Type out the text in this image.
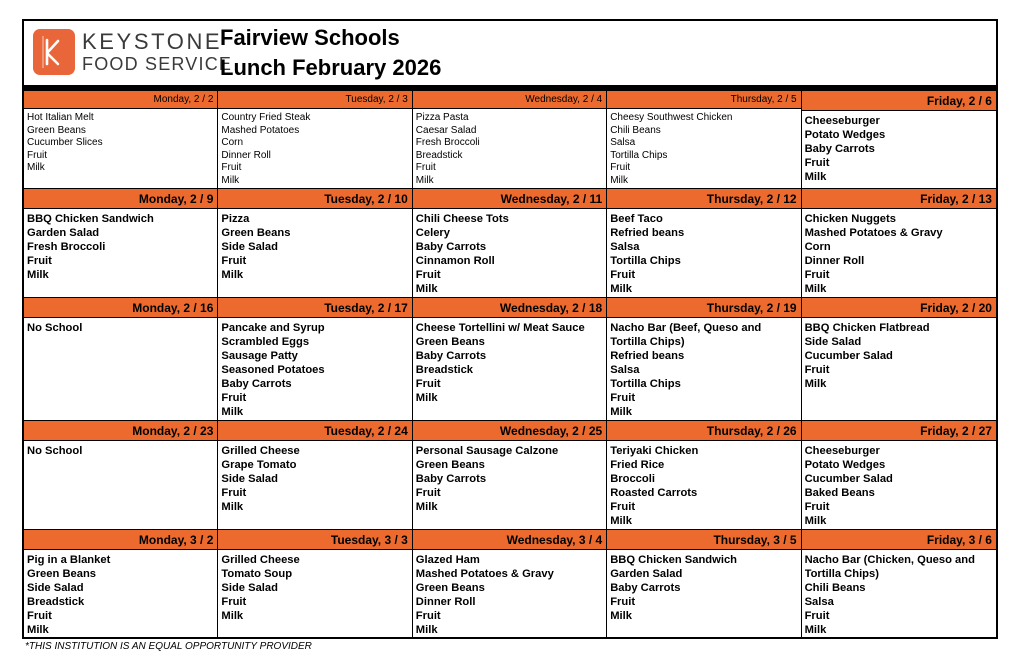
KEYSTONE
FOOD SERVICE
Fairview Schools
Lunch February 2026
Monday, 2 / 2
Hot Italian Melt
Green Beans
Cucumber Slices
Fruit
Milk
Tuesday, 2 / 3
Country Fried Steak
Mashed Potatoes
Corn
Dinner Roll
Fruit
Milk
Wednesday, 2 / 4
Pizza Pasta
Caesar Salad
Fresh Broccoli
Breadstick
Fruit
Milk
Thursday, 2 / 5
Cheesy Southwest Chicken
Chili Beans
Salsa
Tortilla Chips
Fruit
Milk
Friday, 2 / 6
Cheeseburger
Potato Wedges
Baby Carrots
Fruit
Milk
Monday, 2 / 9
BBQ Chicken Sandwich
Garden Salad
Fresh Broccoli
Fruit
Milk
Tuesday, 2 / 10
Pizza
Green Beans
Side Salad
Fruit
Milk
Wednesday, 2 / 11
Chili Cheese Tots
Celery
Baby Carrots
Cinnamon Roll
Fruit
Milk
Thursday, 2 / 12
Beef Taco
Refried beans
Salsa
Tortilla Chips
Fruit
Milk
Friday, 2 / 13
Chicken Nuggets
Mashed Potatoes & Gravy
Corn
Dinner Roll
Fruit
Milk
Monday, 2 / 16
No School
Tuesday, 2 / 17
Pancake and Syrup
Scrambled Eggs
Sausage Patty
Seasoned Potatoes
Baby Carrots
Fruit
Milk
Wednesday, 2 / 18
Cheese Tortellini w/ Meat Sauce
Green Beans
Baby Carrots
Breadstick
Fruit
Milk
Thursday, 2 / 19
Nacho Bar (Beef, Queso and
Tortilla Chips)
Refried beans
Salsa
Tortilla Chips
Fruit
Milk
Friday, 2 / 20
BBQ Chicken Flatbread
Side Salad
Cucumber Salad
Fruit
Milk
Monday, 2 / 23
No School
Tuesday, 2 / 24
Grilled Cheese
Grape Tomato
Side Salad
Fruit
Milk
Wednesday, 2 / 25
Personal Sausage Calzone
Green Beans
Baby Carrots
Fruit
Milk
Thursday, 2 / 26
Teriyaki Chicken
Fried Rice
Broccoli
Roasted Carrots
Fruit
Milk
Friday, 2 / 27
Cheeseburger
Potato Wedges
Cucumber Salad
Baked Beans
Fruit
Milk
Monday, 3 / 2
Pig in a Blanket
Green Beans
Side Salad
Breadstick
Fruit
Milk
Tuesday, 3 / 3
Grilled Cheese
Tomato Soup
Side Salad
Fruit
Milk
Wednesday, 3 / 4
Glazed Ham
Mashed Potatoes & Gravy
Green Beans
Dinner Roll
Fruit
Milk
Thursday, 3 / 5
BBQ Chicken Sandwich
Garden Salad
Baby Carrots
Fruit
Milk
Friday, 3 / 6
Nacho Bar (Chicken, Queso and
Tortilla Chips)
Chili Beans
Salsa
Fruit
Milk
*THIS INSTITUTION IS AN EQUAL OPPORTUNITY PROVIDER
